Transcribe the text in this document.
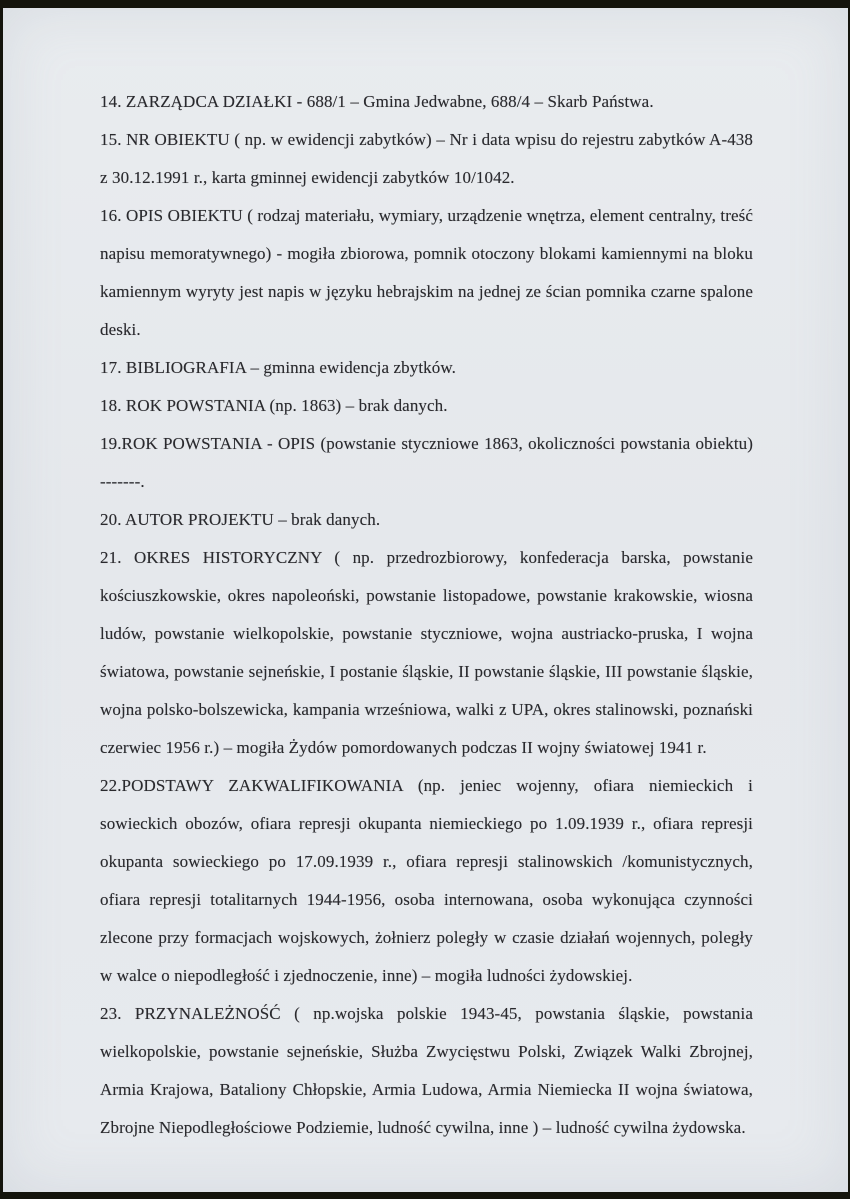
14. ZARZĄDCA DZIAŁKI - 688/1 – Gmina Jedwabne, 688/4 – Skarb Państwa.

15. NR OBIEKTU ( np. w ewidencji zabytków) – Nr i data wpisu do rejestru zabytków A-438 z 30.12.1991 r., karta gminnej ewidencji zabytków 10/1042.

16. OPIS OBIEKTU ( rodzaj materiału, wymiary, urządzenie wnętrza, element centralny, treść napisu memoratywnego) - mogiła zbiorowa, pomnik otoczony blokami kamiennymi na bloku kamiennym wyryty jest napis w języku hebrajskim na jednej ze ścian pomnika czarne spalone deski.

17. BIBLIOGRAFIA – gminna ewidencja zbytków.

18. ROK POWSTANIA (np. 1863) – brak danych.

19.ROK POWSTANIA - OPIS (powstanie styczniowe 1863, okoliczności powstania obiektu) -------.

20. AUTOR PROJEKTU – brak danych.

21. OKRES HISTORYCZNY ( np. przedrozbiorowy, konfederacja barska, powstanie kościuszkowskie, okres napoleoński, powstanie listopadowe, powstanie krakowskie, wiosna ludów, powstanie wielkopolskie, powstanie styczniowe, wojna austriacko-pruska, I wojna światowa, powstanie sejneńskie, I postanie śląskie, II powstanie śląskie, III powstanie śląskie, wojna polsko-bolszewicka, kampania wrześniowa, walki z UPA, okres stalinowski, poznański czerwiec 1956 r.) – mogiła Żydów pomordowanych podczas II wojny światowej 1941 r.

22.PODSTAWY ZAKWALIFIKOWANIA (np. jeniec wojenny, ofiara niemieckich i sowieckich obozów, ofiara represji okupanta niemieckiego po 1.09.1939 r., ofiara represji okupanta sowieckiego po 17.09.1939 r., ofiara represji stalinowskich /komunistycznych, ofiara represji totalitarnych 1944-1956, osoba internowana, osoba wykonująca czynności zlecone przy formacjach wojskowych, żołnierz poległy w czasie działań wojennych, poległy w walce o niepodległość i zjednoczenie, inne) – mogiła ludności żydowskiej.

23. PRZYNALEŻNOŚĆ ( np.wojska polskie 1943-45, powstania śląskie, powstania wielkopolskie, powstanie sejneńskie, Służba Zwycięstwu Polski, Związek Walki Zbrojnej, Armia Krajowa, Bataliony Chłopskie, Armia Ludowa, Armia Niemiecka II wojna światowa, Zbrojne Niepodległościowe Podziemie, ludność cywilna, inne ) – ludność cywilna żydowska.
